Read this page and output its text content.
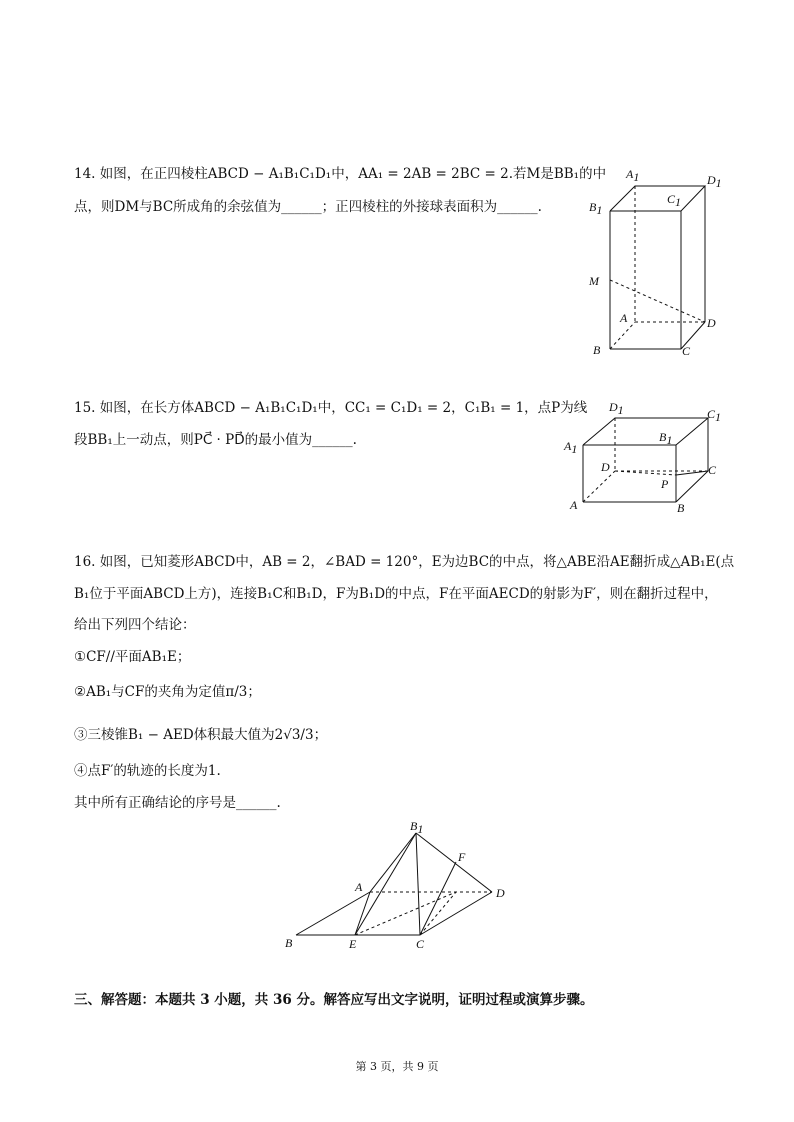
14. 如图，在正四棱柱ABCD − A₁B₁C₁D₁中，AA₁ = 2AB = 2BC = 2.若M是BB₁的中
点，则DM与BC所成角的余弦值为______；正四棱柱的外接球表面积为______.
A1	D1
B1
C1
M
A	D
B	C
15. 如图，在长方体ABCD − A₁B₁C₁D₁中，CC₁ = C₁D₁ = 2，C₁B₁ = 1，点P为线
段BB₁上一动点，则PC⃗ · PD⃗的最小值为______.
D1	C1
A1
B1
D	C
P
A	B
16. 如图，已知菱形ABCD中，AB = 2，∠BAD = 120°，E为边BC的中点，将△ABE沿AE翻折成△AB₁E(点
B₁位于平面ABCD上方)，连接B₁C和B₁D，F为B₁D的中点，F在平面AECD的射影为F′，则在翻折过程中，
给出下列四个结论：
①CF//平面AB₁E；
②AB₁与CF的夹角为定值π/3；
③三棱锥B₁ − AED体积最大值为2√3/3；
④点F′的轨迹的长度为1.
其中所有正确结论的序号是______.
B1
F
A	D
B	E	C
三、解答题：本题共 3 小题，共 36 分。解答应写出文字说明，证明过程或演算步骤。
第 3 页，共 9 页
